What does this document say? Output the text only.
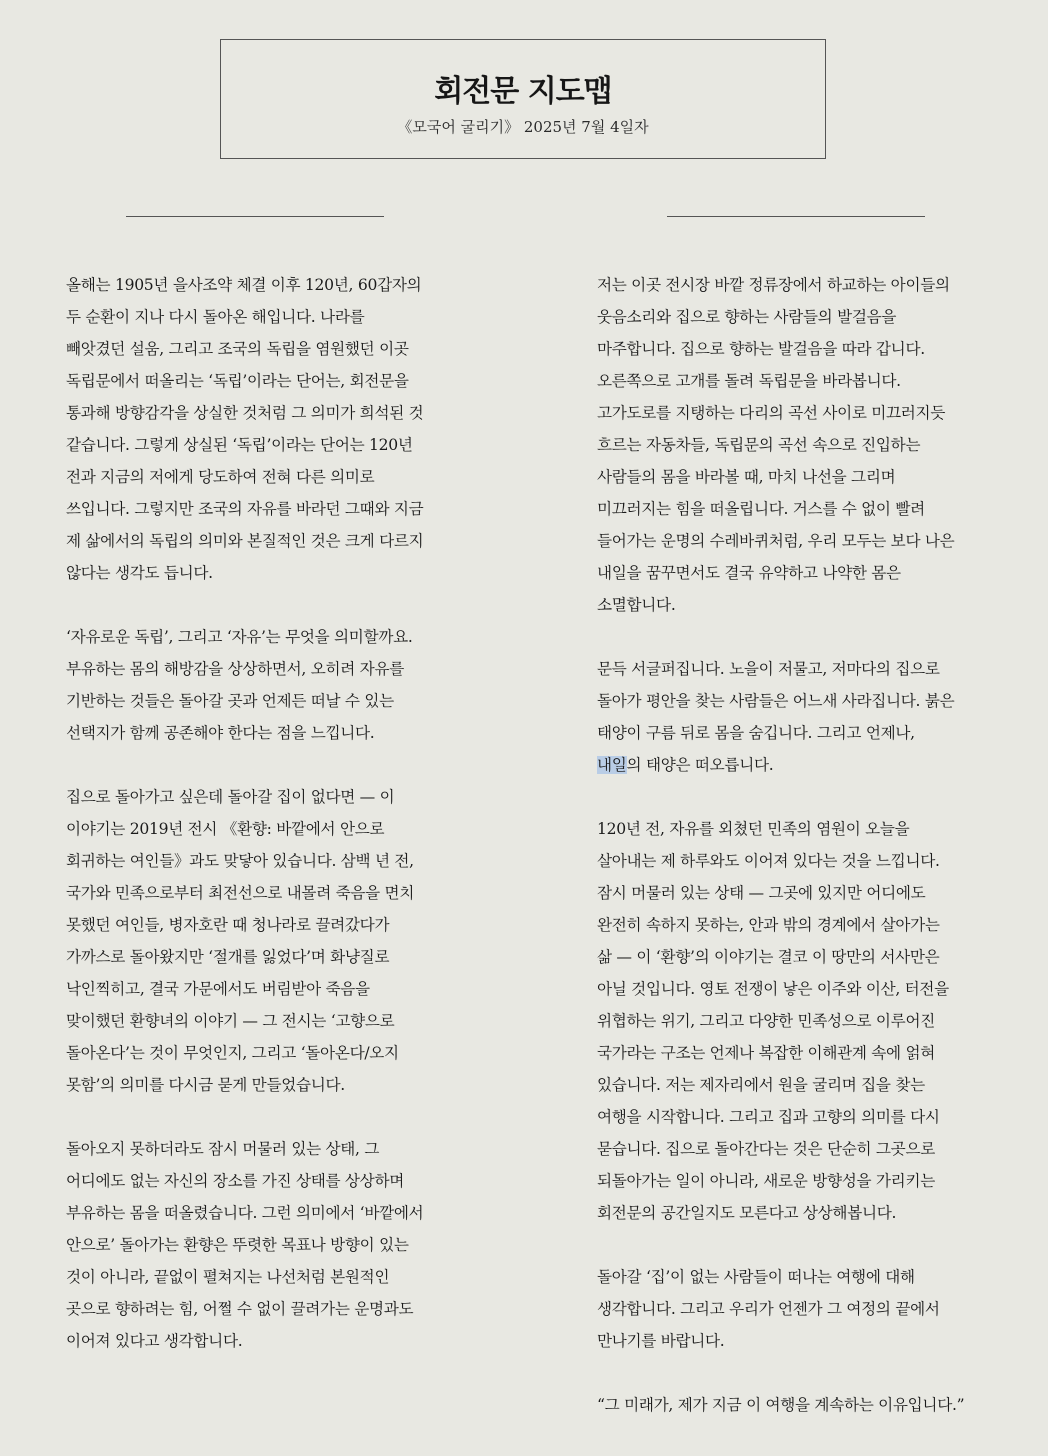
회전문 지도맵
《모국어 굴리기》 2025년 7월 4일자

올해는 1905년 을사조약 체결 이후 120년, 60갑자의
두 순환이 지나 다시 돌아온 해입니다. 나라를
빼앗겼던 설움, 그리고 조국의 독립을 염원했던 이곳
독립문에서 떠올리는 ‘독립’이라는 단어는, 회전문을
통과해 방향감각을 상실한 것처럼 그 의미가 희석된 것
같습니다. 그렇게 상실된 ‘독립’이라는 단어는 120년
전과 지금의 저에게 당도하여 전혀 다른 의미로
쓰입니다. 그렇지만 조국의 자유를 바라던 그때와 지금
제 삶에서의 독립의 의미와 본질적인 것은 크게 다르지
않다는 생각도 듭니다.

‘자유로운 독립’, 그리고 ‘자유’는 무엇을 의미할까요.
부유하는 몸의 해방감을 상상하면서, 오히려 자유를
기반하는 것들은 돌아갈 곳과 언제든 떠날 수 있는
선택지가 함께 공존해야 한다는 점을 느낍니다.

집으로 돌아가고 싶은데 돌아갈 집이 없다면 — 이
이야기는 2019년 전시 《환향: 바깥에서 안으로
회귀하는 여인들》과도 맞닿아 있습니다. 삼백 년 전,
국가와 민족으로부터 최전선으로 내몰려 죽음을 면치
못했던 여인들, 병자호란 때 청나라로 끌려갔다가
가까스로 돌아왔지만 ‘절개를 잃었다’며 화냥질로
낙인찍히고, 결국 가문에서도 버림받아 죽음을
맞이했던 환향녀의 이야기 — 그 전시는 ‘고향으로
돌아온다’는 것이 무엇인지, 그리고 ‘돌아온다/오지
못함’의 의미를 다시금 묻게 만들었습니다.

돌아오지 못하더라도 잠시 머물러 있는 상태, 그
어디에도 없는 자신의 장소를 가진 상태를 상상하며
부유하는 몸을 떠올렸습니다. 그런 의미에서 ‘바깥에서
안으로’ 돌아가는 환향은 뚜렷한 목표나 방향이 있는
것이 아니라, 끝없이 펼쳐지는 나선처럼 본원적인
곳으로 향하려는 힘, 어쩔 수 없이 끌려가는 운명과도
이어져 있다고 생각합니다.

저는 이곳 전시장 바깥 정류장에서 하교하는 아이들의
웃음소리와 집으로 향하는 사람들의 발걸음을
마주합니다. 집으로 향하는 발걸음을 따라 갑니다.
오른쪽으로 고개를 돌려 독립문을 바라봅니다.
고가도로를 지탱하는 다리의 곡선 사이로 미끄러지듯
흐르는 자동차들, 독립문의 곡선 속으로 진입하는
사람들의 몸을 바라볼 때, 마치 나선을 그리며
미끄러지는 힘을 떠올립니다. 거스를 수 없이 빨려
들어가는 운명의 수레바퀴처럼, 우리 모두는 보다 나은
내일을 꿈꾸면서도 결국 유약하고 나약한 몸은
소멸합니다.

문득 서글퍼집니다. 노을이 저물고, 저마다의 집으로
돌아가 평안을 찾는 사람들은 어느새 사라집니다. 붉은
태양이 구름 뒤로 몸을 숨깁니다. 그리고 언제나,
내일의 태양은 떠오릅니다.

120년 전, 자유를 외쳤던 민족의 염원이 오늘을
살아내는 제 하루와도 이어져 있다는 것을 느낍니다.
잠시 머물러 있는 상태 — 그곳에 있지만 어디에도
완전히 속하지 못하는, 안과 밖의 경계에서 살아가는
삶 — 이 ‘환향’의 이야기는 결코 이 땅만의 서사만은
아닐 것입니다. 영토 전쟁이 낳은 이주와 이산, 터전을
위협하는 위기, 그리고 다양한 민족성으로 이루어진
국가라는 구조는 언제나 복잡한 이해관계 속에 얽혀
있습니다. 저는 제자리에서 원을 굴리며 집을 찾는
여행을 시작합니다. 그리고 집과 고향의 의미를 다시
묻습니다. 집으로 돌아간다는 것은 단순히 그곳으로
되돌아가는 일이 아니라, 새로운 방향성을 가리키는
회전문의 공간일지도 모른다고 상상해봅니다.

돌아갈 ‘집’이 없는 사람들이 떠나는 여행에 대해
생각합니다. 그리고 우리가 언젠가 그 여정의 끝에서
만나기를 바랍니다.

“그 미래가, 제가 지금 이 여행을 계속하는 이유입니다.”
